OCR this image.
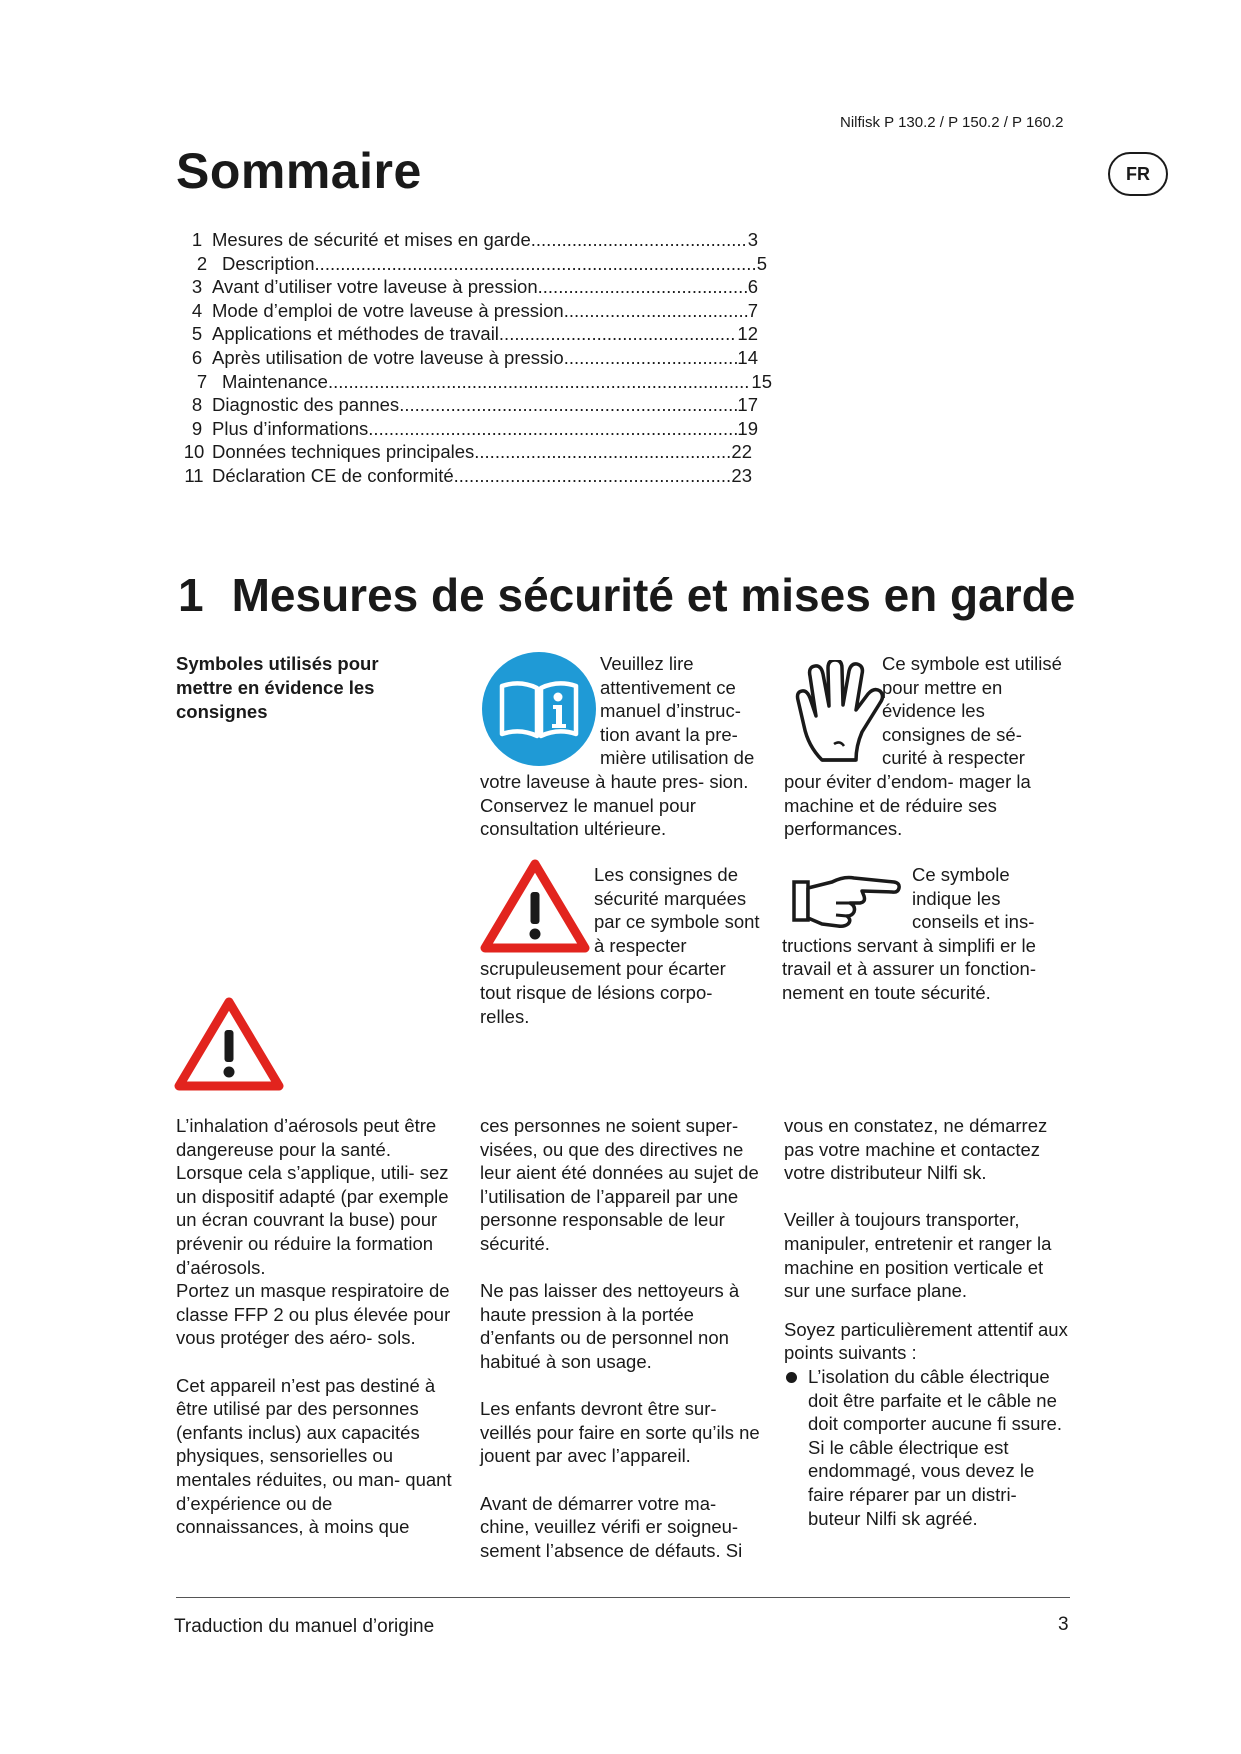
Nilfisk P 130.2 / P 150.2 / P 160.2
FR
Sommaire
1 Mesures de sécurité et mises en garde .....	3
2 Description .....	5
3 Avant d’utiliser votre laveuse à pression .....	6
4 Mode d’emploi de votre laveuse à pression .....	7
5 Applications et méthodes de travail .....	12
6 Après utilisation de votre laveuse à pressio .....	14
7 Maintenance .....	15
8 Diagnostic des pannes .....	17
9 Plus d’informations .....	19
10 Données techniques principales .....	22
11 Déclaration CE de conformité .....	23
1 Mesures de sécurité et mises en garde
Symboles utilisés pour mettre en évidence les consignes
Veuillez lire attentivement ce manuel d’instruc- tion avant la pre- mière utilisation de votre laveuse à haute pres- sion. Conservez le manuel pour consultation ultérieure.
Ce symbole est utilisé pour mettre en évidence les consignes de sé- curité à respecter pour éviter d’endom- mager la machine et de réduire ses performances.
Les consignes de sécurité marquées par ce symbole sont à respecter scrupuleusement pour écarter tout risque de lésions corpo- relles.
Ce symbole indique les conseils et ins- tructions servant à simplifi er le travail et à assurer un fonction- nement en toute sécurité.

L’inhalation d’aérosols peut être dangereuse pour la santé. Lorsque cela s’applique, utili- sez un dispositif adapté (par exemple un écran couvrant la buse) pour prévenir ou réduire la formation d’aérosols.

Portez un masque respiratoire de classe FFP 2 ou plus élevée pour vous protéger des aéro- sols.

Cet appareil n’est pas destiné à être utilisé par des personnes (enfants inclus) aux capacités physiques, sensorielles ou mentales réduites, ou man- quant d’expérience ou de connaissances, à moins que

ces personnes ne soient super- visées, ou que des directives ne leur aient été données au sujet de l’utilisation de l’appareil par une personne responsable de leur sécurité.

Ne pas laisser des nettoyeurs à haute pression à la portée d’enfants ou de personnel non habitué à son usage.

Les enfants devront être sur- veillés pour faire en sorte qu’ils ne jouent par avec l’appareil.

Avant de démarrer votre ma- chine, veuillez vérifi er soigneu- sement l’absence de défauts. Si

vous en constatez, ne démarrez pas votre machine et contactez votre distributeur Nilfi sk.

Veiller à toujours transporter, manipuler, entretenir et ranger la machine en position verticale et sur une surface plane.

Soyez particulièrement attentif aux points suivants :

L’isolation du câble électrique doit être parfaite et le câble ne doit comporter aucune fi ssure. Si le câble électrique est endommagé, vous devez le faire réparer par un distri- buteur Nilfi sk agréé.
Traduction du manuel d’origine	3
